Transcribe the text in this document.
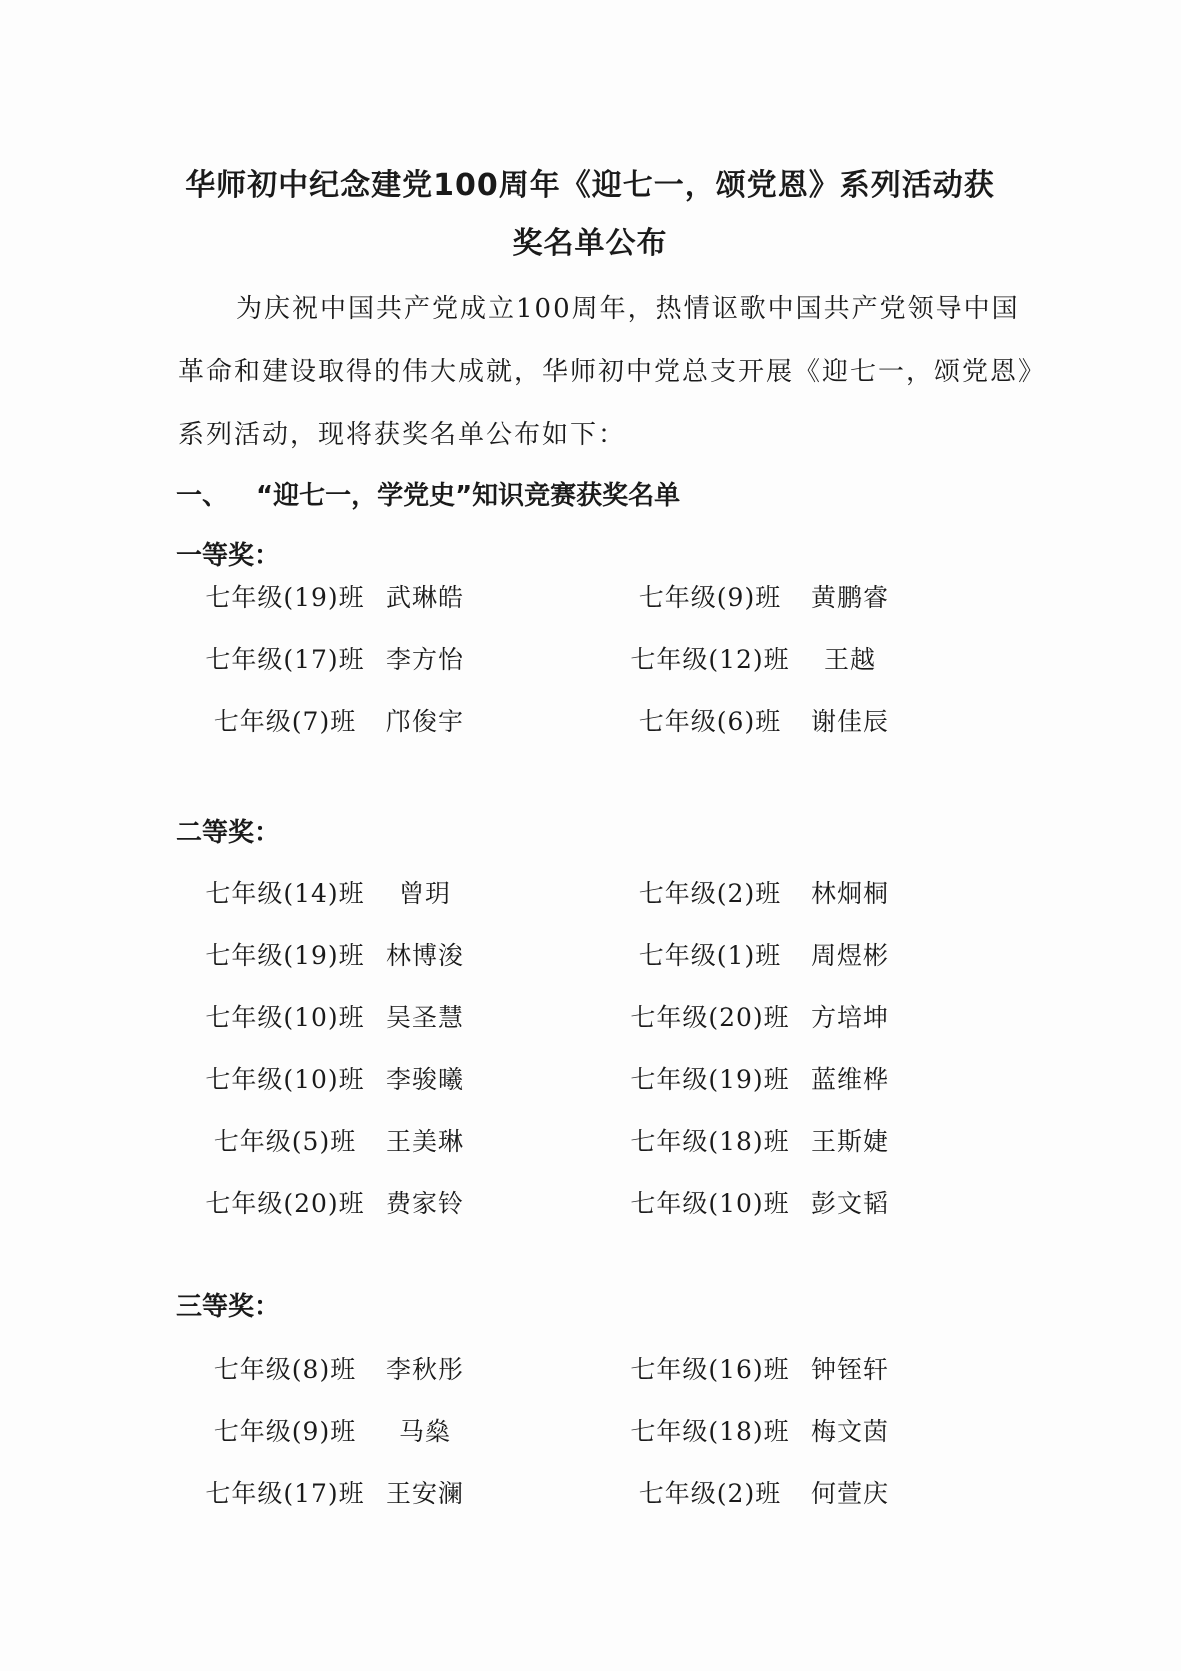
华师初中纪念建党100周年《迎七一，颂党恩》系列活动获
奖名单公布
为庆祝中国共产党成立100周年，热情讴歌中国共产党领导中国
革命和建设取得的伟大成就，华师初中党总支开展《迎七一，颂党恩》
系列活动，现将获奖名单公布如下：
一、 “迎七一，学党史”知识竞赛获奖名单
一等奖：
七年级(19)班 武琳皓	七年级(9)班 黄鹏睿
七年级(17)班 李方怡	七年级(12)班 王越
七年级(7)班 邝俊宇	七年级(6)班 谢佳辰
二等奖：
七年级(14)班 曾玥	七年级(2)班 林炯桐
七年级(19)班 林博浚	七年级(1)班 周煜彬
七年级(10)班 吴圣慧	七年级(20)班 方培坤
七年级(10)班 李骏曦	七年级(19)班 蓝维桦
七年级(5)班 王美琳	七年级(18)班 王斯婕
七年级(20)班 费家铃	七年级(10)班 彭文韬
三等奖：
七年级(8)班 李秋彤	七年级(16)班 钟铚轩
七年级(9)班 马燊	七年级(18)班 梅文茵
七年级(17)班 王安澜	七年级(2)班 何萱庆
